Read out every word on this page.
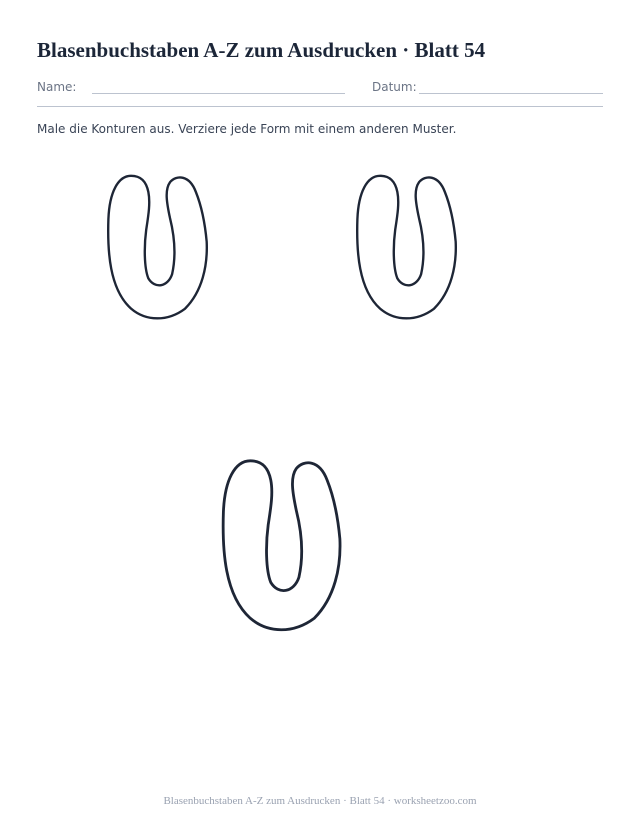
Blasenbuchstaben A-Z zum Ausdrucken · Blatt 54
Name:	Datum:
Male die Konturen aus. Verziere jede Form mit einem anderen Muster.
Blasenbuchstaben A-Z zum Ausdrucken · Blatt 54 · worksheetzoo.com
